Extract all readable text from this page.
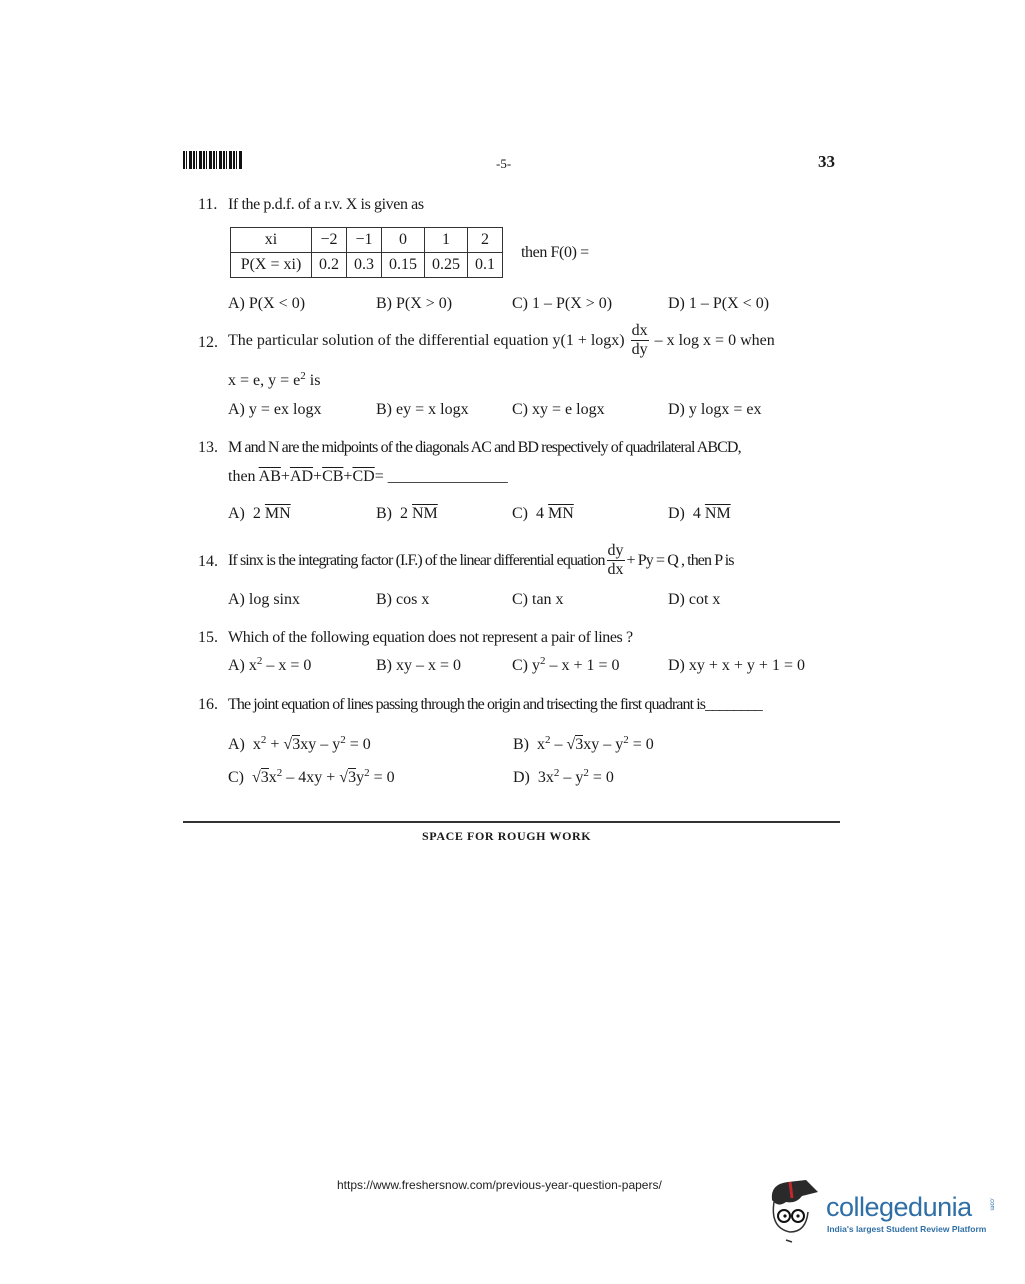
-5-	33
11. If the p.d.f. of a r.v. X is given as
xi	−2	−1	0	1	2
P(X = xi)	0.2	0.3	0.15	0.25	0.1
then F(0) =
A) P(X < 0)	B) P(X > 0)	C) 1 – P(X > 0)	D) 1 – P(X < 0)
12. The particular solution of the differential equation $y(1 + \log x) \frac{dx}{dy} - x$ log x = 0 when
x = e, $y = e^2$ is
A) y = ex logx	B) ey = x logx	C) xy = e logx	D) y logx = ex
13. M and N are the midpoints of the diagonals AC and BD respectively of quadrilateral ABCD,
then $\overline{AB}+\overline{AD}+\overline{CB}+\overline{CD}=$ _______________
A) 2 $\overline{MN}$	B) 2 $\overline{NM}$	C) 4 $\overline{MN}$	D) 4 $\overline{NM}$
14. If sinx is the integrating factor (I.F.) of the linear differential equation $\frac{dy}{dx} + Py = Q$ , then P is
A) log sinx	B) cos x	C) tan x	D) cot x
15. Which of the following equation does not represent a pair of lines ?
A) $x^2 - x = 0$	B) xy – x = 0	C) $y^2 - x + 1 = 0$	D) xy + x + y + 1 = 0
16. The joint equation of lines passing through the origin and trisecting the first quadrant is________
A) $x^2 + √3xy - y^2 = 0$	B) $x^2 - √3xy - y^2 = 0$
C) $√3x^2 - 4xy + √3y^2 = 0$	D) $3x^2 - y^2 = 0$
SPACE FOR ROUGH WORK
https://www.freshersnow.com/previous-year-question-papers/
collegedunia	.com
India's largest Student Review Platform
